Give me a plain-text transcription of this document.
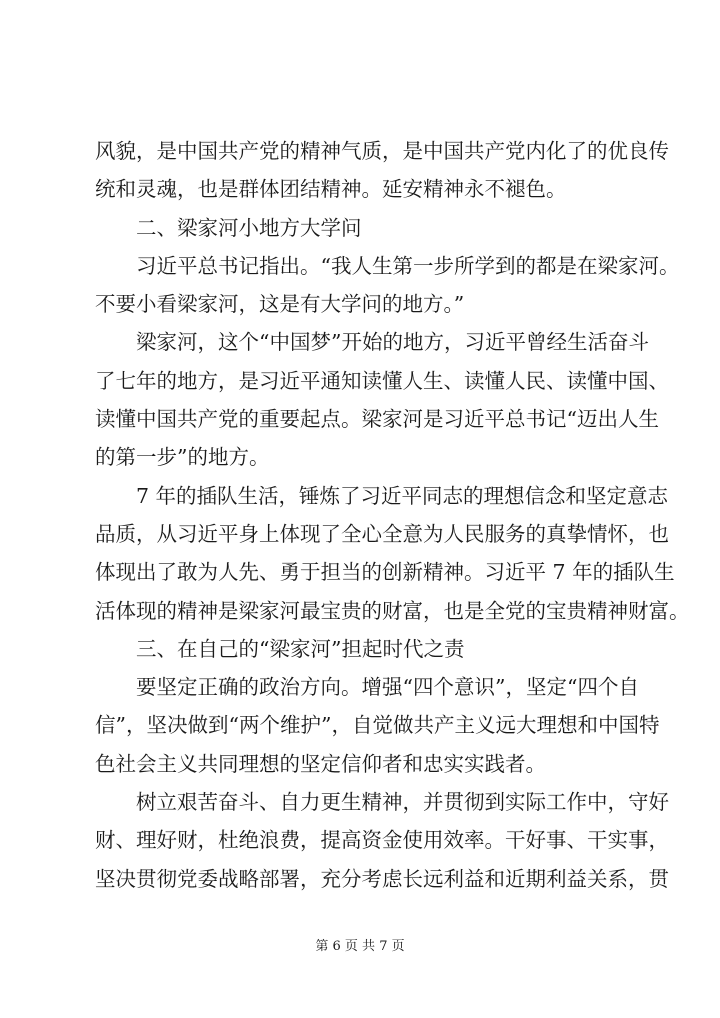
风貌，是中国共产党的精神气质，是中国共产党内化了的优良传
统和灵魂，也是群体团结精神。延安精神永不褪色。
二、梁家河小地方大学问
习近平总书记指出。“我人生第一步所学到的都是在梁家河。
不要小看梁家河，这是有大学问的地方。”
梁家河，这个“中国梦”开始的地方，习近平曾经生活奋斗
了七年的地方，是习近平通知读懂人生、读懂人民、读懂中国、
读懂中国共产党的重要起点。梁家河是习近平总书记“迈出人生
的第一步”的地方。
7 年的插队生活，锤炼了习近平同志的理想信念和坚定意志
品质，从习近平身上体现了全心全意为人民服务的真挚情怀，也
体现出了敢为人先、勇于担当的创新精神。习近平 7 年的插队生
活体现的精神是梁家河最宝贵的财富，也是全党的宝贵精神财富。
三、在自己的“梁家河”担起时代之责
要坚定正确的政治方向。增强“四个意识”，坚定“四个自
信”，坚决做到“两个维护”，自觉做共产主义远大理想和中国特
色社会主义共同理想的坚定信仰者和忠实实践者。
树立艰苦奋斗、自力更生精神，并贯彻到实际工作中，守好
财、理好财，杜绝浪费，提高资金使用效率。干好事、干实事，
坚决贯彻党委战略部署，充分考虑长远利益和近期利益关系，贯
第 6 页 共 7 页
